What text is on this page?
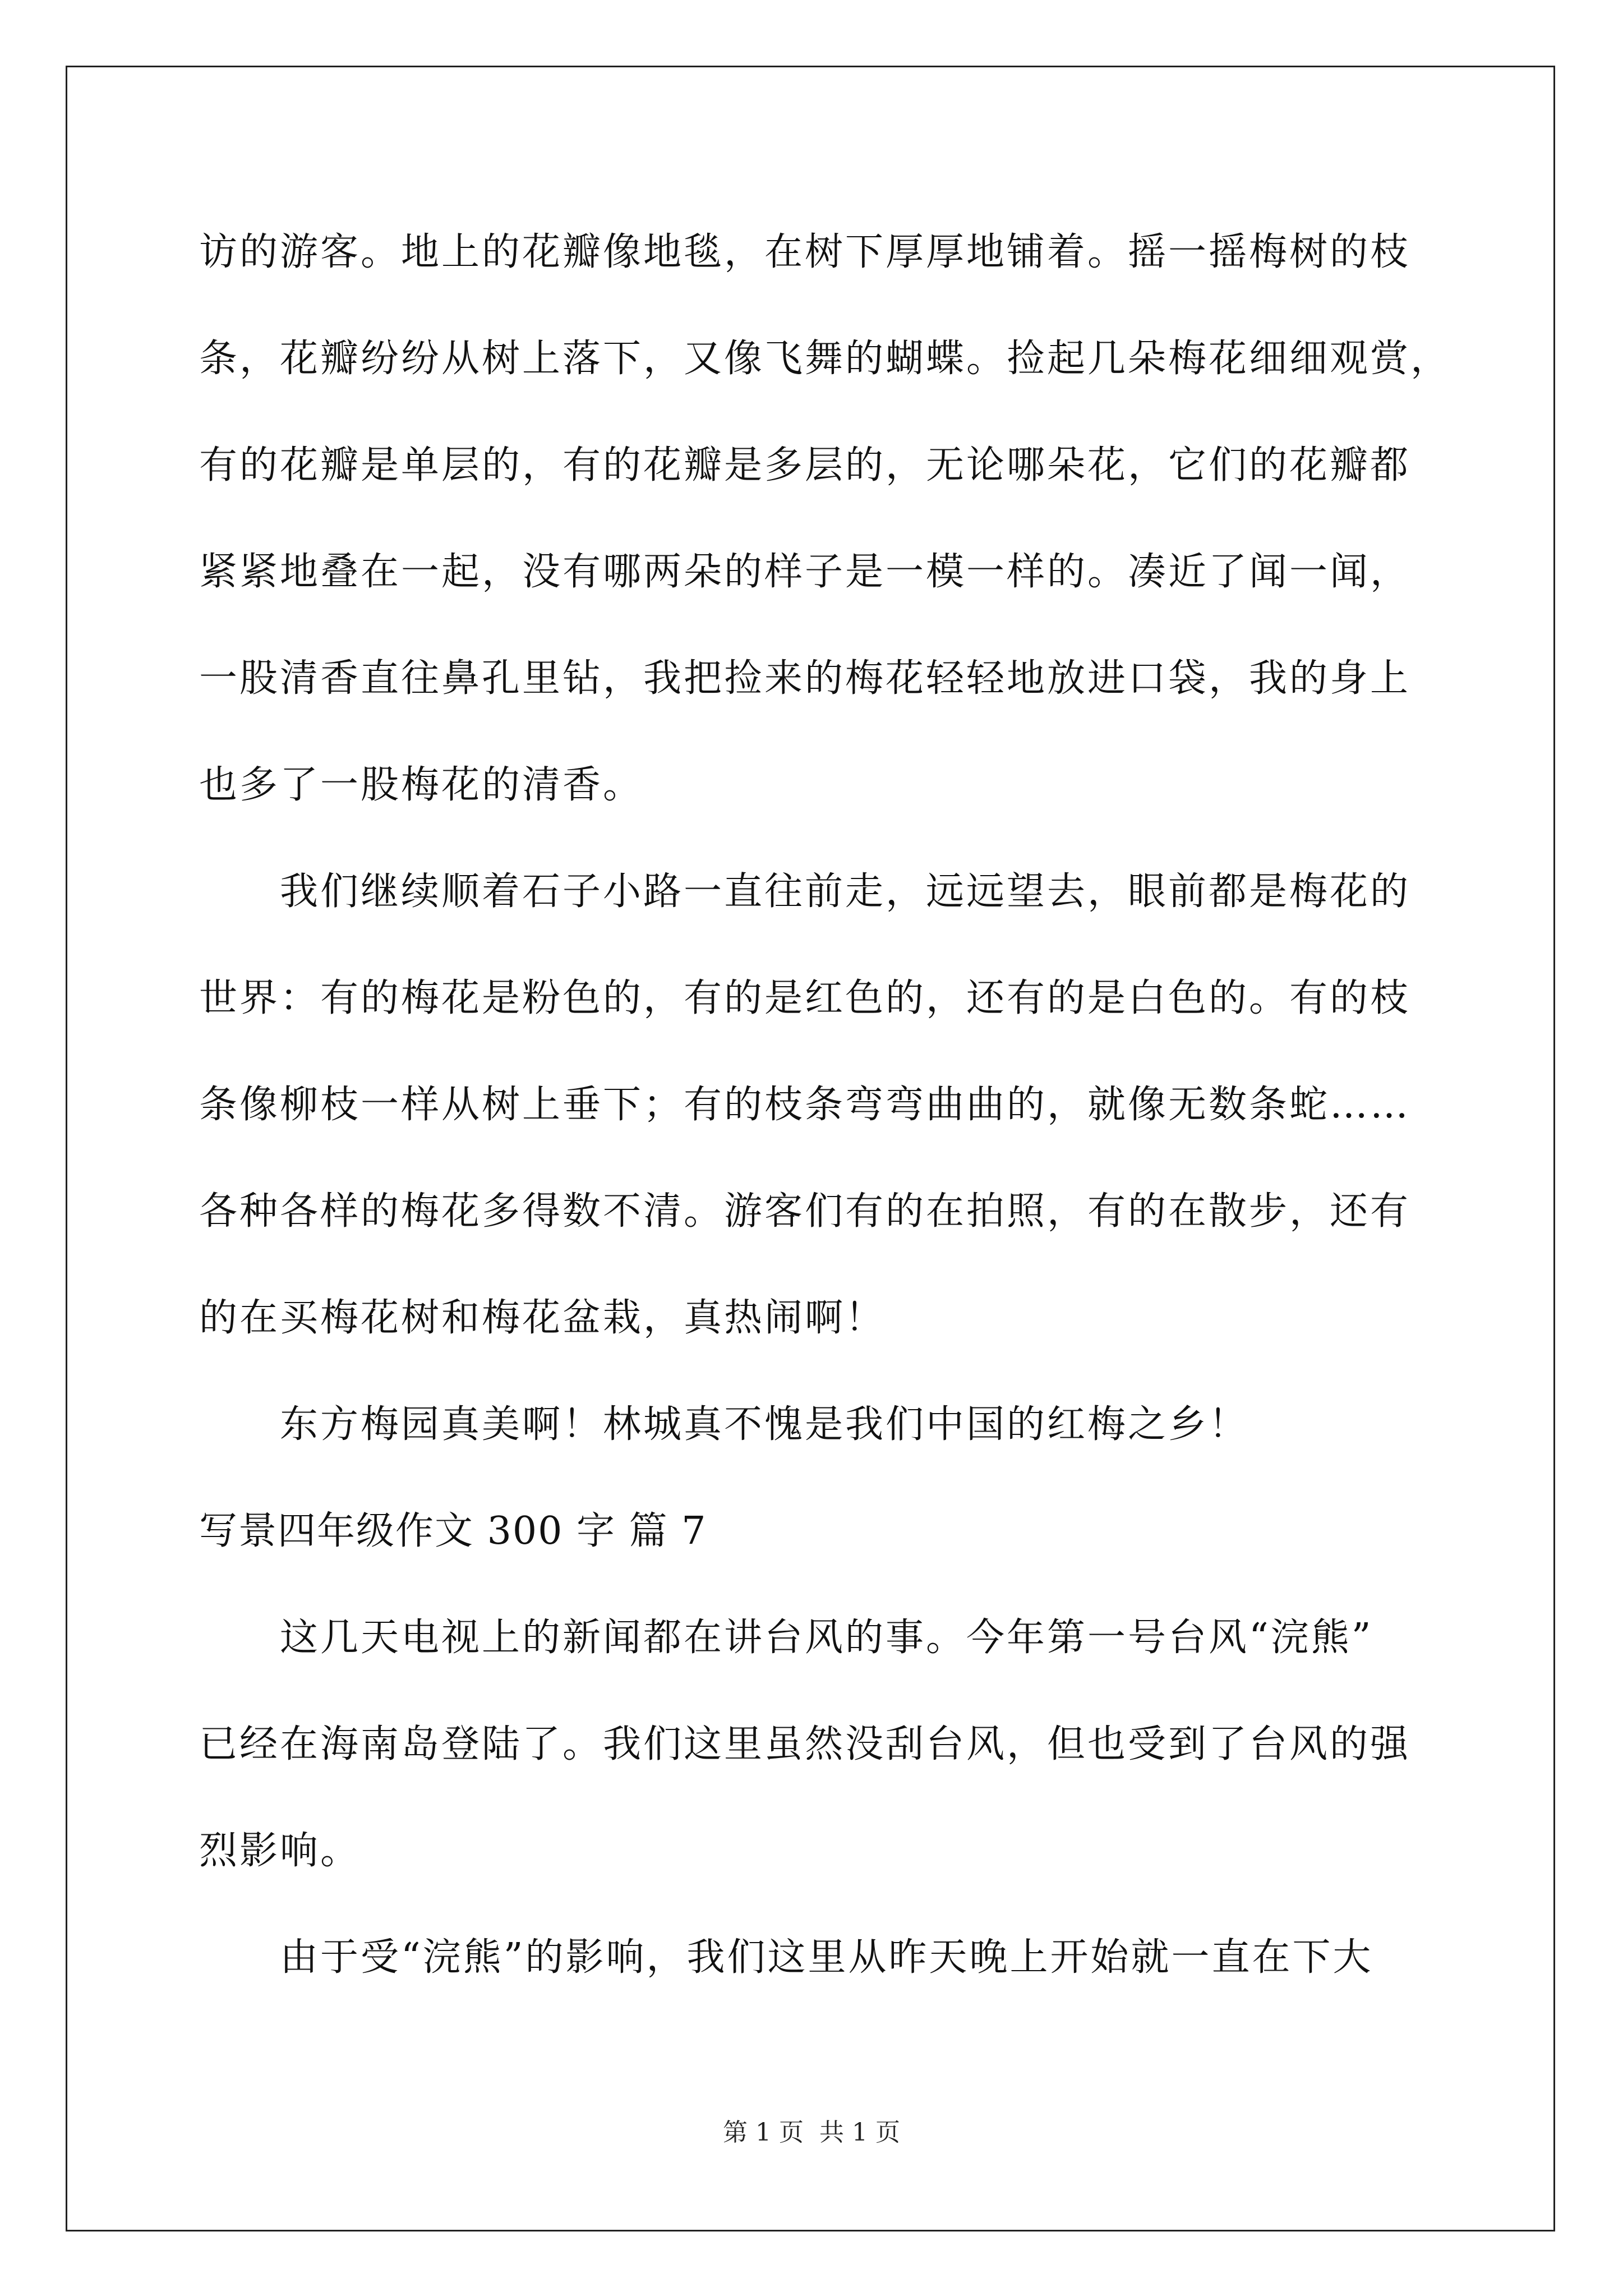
访的游客。地上的花瓣像地毯，在树下厚厚地铺着。摇一摇梅树的枝
条，花瓣纷纷从树上落下，又像飞舞的蝴蝶。捡起几朵梅花细细观赏，
有的花瓣是单层的，有的花瓣是多层的，无论哪朵花，它们的花瓣都
紧紧地叠在一起，没有哪两朵的样子是一模一样的。凑近了闻一闻，
一股清香直往鼻孔里钻，我把捡来的梅花轻轻地放进口袋，我的身上
也多了一股梅花的清香。
　　我们继续顺着石子小路一直往前走，远远望去，眼前都是梅花的
世界：有的梅花是粉色的，有的是红色的，还有的是白色的。有的枝
条像柳枝一样从树上垂下；有的枝条弯弯曲曲的，就像无数条蛇……
各种各样的梅花多得数不清。游客们有的在拍照，有的在散步，还有
的在买梅花树和梅花盆栽，真热闹啊！
　　东方梅园真美啊！林城真不愧是我们中国的红梅之乡！
写景四年级作文 300 字 篇 7
　　这几天电视上的新闻都在讲台风的事。今年第一号台风“浣熊”
已经在海南岛登陆了。我们这里虽然没刮台风，但也受到了台风的强
烈影响。
　　由于受“浣熊”的影响，我们这里从昨天晚上开始就一直在下大
第 1 页 共 1 页
